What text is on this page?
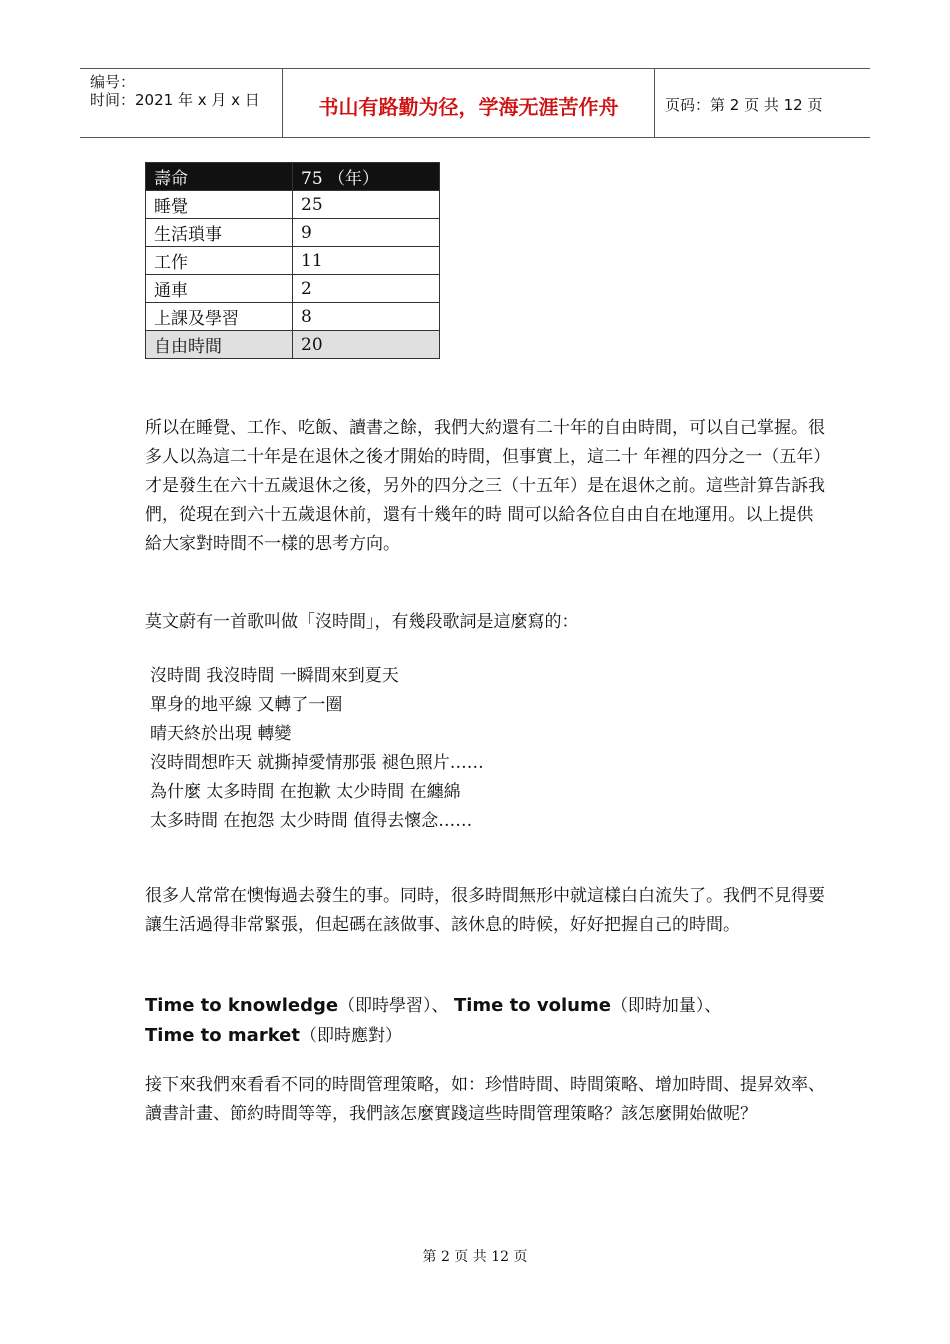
编号：
时间：2021 年 x 月 x 日	书山有路勤为径，学海无涯苦作舟	页码：第 2 页 共 12 页
壽命	75 （年）
睡覺	25
生活瑣事	9
工作	11
通車	2
上課及學習	8
自由時間	20
所以在睡覺、工作、吃飯、讀書之餘，我們大約還有二十年的自由時間，可以自己掌握。很多人以為這二十年是在退休之後才開始的時間，但事實上，這二十 年裡的四分之一（五年）才是發生在六十五歲退休之後，另外的四分之三（十五年）是在退休之前。這些計算告訴我們，從現在到六十五歲退休前，還有十幾年的時 間可以給各位自由自在地運用。以上提供給大家對時間不一樣的思考方向。
莫文蔚有一首歌叫做「沒時間」，有幾段歌詞是這麼寫的：
沒時間 我沒時間 一瞬間來到夏天
單身的地平線 又轉了一圈
晴天終於出現 轉變
沒時間想昨天 就撕掉愛情那張 褪色照片……
為什麼 太多時間 在抱歉 太少時間 在纏綿
太多時間 在抱怨 太少時間 值得去懷念……
很多人常常在懊悔過去發生的事。同時，很多時間無形中就這樣白白流失了。我們不見得要讓生活過得非常緊張，但起碼在該做事、該休息的時候，好好把握自己的時間。
Time to knowledge（即時學習）、 Time to volume（即時加量）、
Time to market（即時應對）
接下來我們來看看不同的時間管理策略，如：珍惜時間、時間策略、增加時間、提昇效率、讀書計畫、節約時間等等，我們該怎麼實踐這些時間管理策略？該怎麼開始做呢？
第 2 页 共 12 页
